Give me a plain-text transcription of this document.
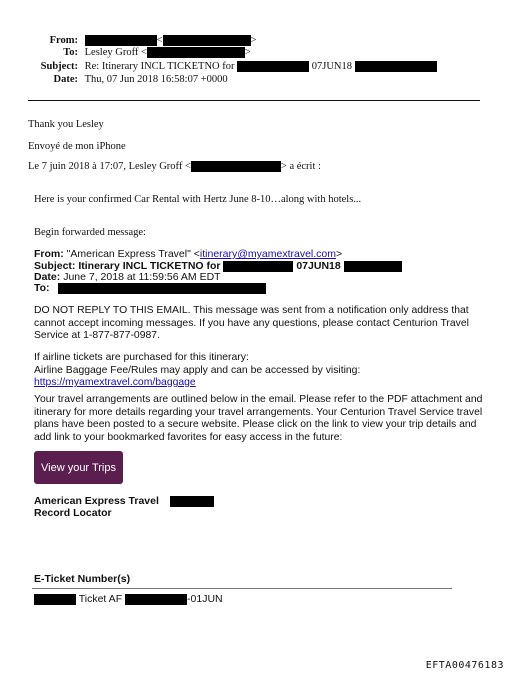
From:	<	>
To: Lesley Groff <	>
Subject: Re: Itinerary INCL TICKETNO for	07JUN18
Date: Thu, 07 Jun 2018 16:58:07 +0000
Thank you Lesley
Envoyé de mon iPhone
Le 7 juin 2018 à 17:07, Lesley Groff <	> a écrit :
Here is your confirmed Car Rental with Hertz June 8-10…along with hotels...
Begin forwarded message:
From: "American Express Travel" <itinerary@myamextravel.com>
Subject: Itinerary INCL TICKETNO for	07JUN18
Date: June 7, 2018 at 11:59:56 AM EDT
To:
DO NOT REPLY TO THIS EMAIL. This message was sent from a notification only address that cannot accept incoming messages. If you have any questions, please contact Centurion Travel Service at 1-877-877-0987.
If airline tickets are purchased for this itinerary:
Airline Baggage Fee/Rules may apply and can be accessed by visiting:
https://myamextravel.com/baggage
Your travel arrangements are outlined below in the email. Please refer to the PDF attachment and itinerary for more details regarding your travel arrangements. Your Centurion Travel Service travel plans have been posted to a secure website. Please click on the link to view your trip details and add link to your bookmarked favorites for easy access in the future:
View your Trips
American Express Travel
Record Locator
E-Ticket Number(s)
Ticket AF	-01JUN
EFTA00476183
